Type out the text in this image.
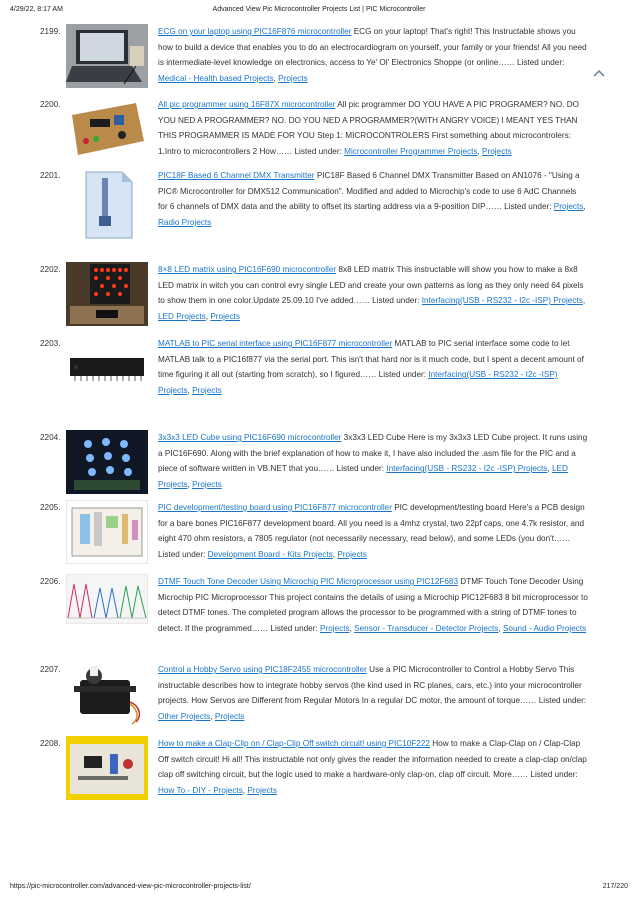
4/29/22, 8:17 AM	Advanced View Pic Microcontroller Projects List | PIC Microcontroller
2199.	ECG on your laptop using PIC16F876 microcontroller ECG on your laptop! That's right! This Instructable shows you how to build a device that enables you to do an electrocardiogram on yourself, your family or your friends! All you need is intermediate-level knowledge on electronics, access to Ye' Ol' Electronics Shoppe (or online…… Listed under: Medical - Health based Projects, Projects
2200.	All pic programmer using 16F87X microcontroller All pic programmer DO YOU HAVE A PIC PROGRAMER? NO. DO YOU NED A PROGRAMMER? NO. DO YOU NED A PROGRAMMER?(WITH ANGRY VOICE) I MEANT YES THAN THIS PROGRAMMER IS MADE FOR YOU Step 1: MICROCONTROLERS First something about microcontrolers: 1.Intro to microcontrollers 2 How…… Listed under: Microcontroller Programmer Projects, Projects
2201.	PIC18F Based 6 Channel DMX Transmitter PIC18F Based 6 Channel DMX Transmitter Based on AN1076 - "Using a PIC® Microcontroller for DMX512 Communication". Modified and added to Microchip's code to use 6 AdC Channels for 6 channels of DMX data and the ability to offset its starting address via a 9-position DIP…… Listed under: Projects, Radio Projects
2202.	8×8 LED matrix using PIC16F690 microcontroller 8x8 LED matrix This instructable will show you how to make a 8x8 LED matrix in witch you can control evry single LED and create your own patterns as long as they only need 64 pixels to show them in one color.Update 25.09.10 I've added…… Listed under: Interfacing(USB - RS232 - I2c -ISP) Projects, LED Projects, Projects
2203.	MATLAB to PIC serial interface using PIC16F877 microcontroller MATLAB to PIC serial interface some code to let MATLAB talk to a PIC16f877 via the serial port. This isn't that hard nor is it much code, but I spent a decent amount of time figuring it all out (starting from scratch), so I figured…… Listed under: Interfacing(USB - RS232 - I2c -ISP) Projects, Projects
2204.	3x3x3 LED Cube using PIC16F690 microcontroller 3x3x3 LED Cube Here is my 3x3x3 LED Cube project. It runs using a PIC16F690. Along with the brief explanation of how to make it, I have also included the .asm file for the PIC and a piece of software written in VB.NET that you…… Listed under: Interfacing(USB - RS232 - I2c -ISP) Projects, LED Projects, Projects
2205.	PIC development/testing board using PIC16F877 microcontroller PIC development/testing board Here's a PCB design for a bare bones PIC16F877 development board. All you need is a 4mhz crystal, two 22pf caps, one 4.7k resistor, and eight 470 ohm resistors, a 7805 regulator (not necessarily necessary, read below), and some LEDs (you don't…… Listed under: Development Board - Kits Projects, Projects
2206.	DTMF Touch Tone Decoder Using Microchip PIC Microprocessor using PIC12F683 DTMF Touch Tone Decoder Using Microchip PIC Microprocessor This project contains the details of using a Microchip PIC12F683 8 bit microprocessor to detect DTMF tones. The completed program allows the processor to be programmed with a string of DTMF tones to detect. If the programmed…… Listed under: Projects, Sensor - Transducer - Detector Projects, Sound - Audio Projects
2207.	Control a Hobby Servo using PIC18F2455 microcontroller Use a PIC Microcontroller to Control a Hobby Servo This instructable describes how to integrate hobby servos (the kind used in RC planes, cars, etc.) into your microcontroller projects. How Servos are Different from Regular Motors In a regular DC motor, the amount of torque…… Listed under: Other Projects, Projects
2208.	How to make a Clap-Clip on / Clap-Clip Off switch circuit! using PIC10F222 How to make a Clap-Clap on / Clap-Clap Off switch circuit! Hi all! This instructable not only gives the reader the information needed to create a clap-clap on/clap clap off switching circuit, but the logic used to make a hardware-only clap-on, clap off circuit. More…… Listed under: How To - DIY - Projects, Projects
https://pic-microcontroller.com/advanced-view-pic-microcontroller-projects-list/	217/220
